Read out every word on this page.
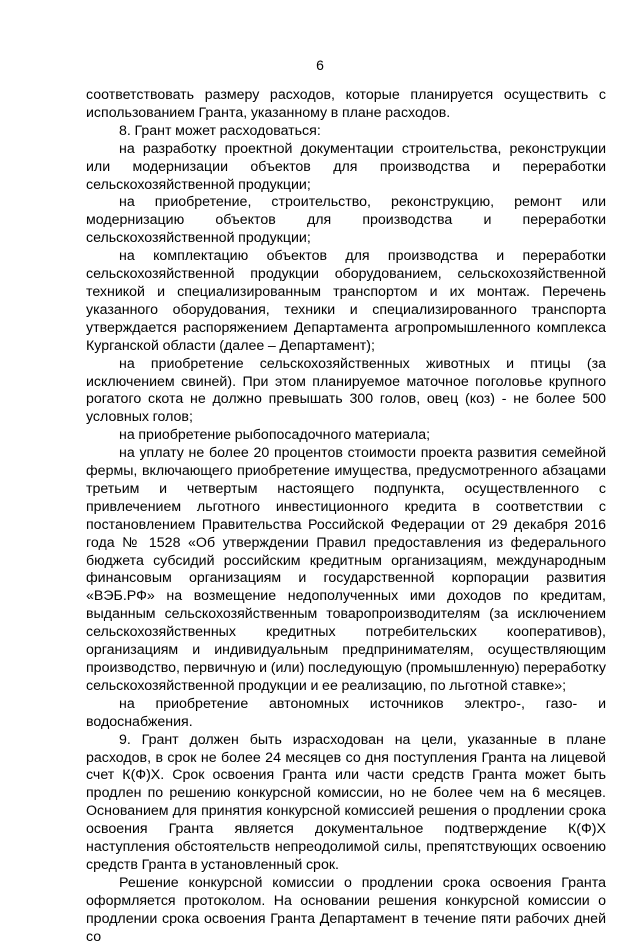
6

соответствовать размеру расходов, которые планируется осуществить с использованием Гранта, указанному в плане расходов.

8. Грант может расходоваться:

на разработку проектной документации строительства, реконструкции или модернизации объектов для производства и переработки сельскохозяйственной продукции;

на приобретение, строительство, реконструкцию, ремонт или модернизацию объектов для производства и переработки сельскохозяйственной продукции;

на комплектацию объектов для производства и переработки сельскохозяйственной продукции оборудованием, сельскохозяйственной техникой и специализированным транспортом и их монтаж. Перечень указанного оборудования, техники и специализированного транспорта утверждается распоряжением Департамента агропромышленного комплекса Курганской области (далее – Департамент);

на приобретение сельскохозяйственных животных и птицы (за исключением свиней). При этом планируемое маточное поголовье крупного рогатого скота не должно превышать 300 голов, овец (коз) - не более 500 условных голов;

на приобретение рыбопосадочного материала;

на уплату не более 20 процентов стоимости проекта развития семейной фермы, включающего приобретение имущества, предусмотренного абзацами третьим и четвертым настоящего подпункта, осуществленного с привлечением льготного инвестиционного кредита в соответствии с постановлением Правительства Российской Федерации от 29 декабря 2016 года № 1528 «Об утверждении Правил предоставления из федерального бюджета субсидий российским кредитным организациям, международным финансовым организациям и государственной корпорации развития «ВЭБ.РФ» на возмещение недополученных ими доходов по кредитам, выданным сельскохозяйственным товаропроизводителям (за исключением сельскохозяйственных кредитных потребительских кооперативов), организациям и индивидуальным предпринимателям, осуществляющим производство, первичную и (или) последующую (промышленную) переработку сельскохозяйственной продукции и ее реализацию, по льготной ставке»;

на приобретение автономных источников электро-, газо- и водоснабжения.

9. Грант должен быть израсходован на цели, указанные в плане расходов, в срок не более 24 месяцев со дня поступления Гранта на лицевой счет К(Ф)Х. Срок освоения Гранта или части средств Гранта может быть продлен по решению конкурсной комиссии, но не более чем на 6 месяцев. Основанием для принятия конкурсной комиссией решения о продлении срока освоения Гранта является документальное подтверждение К(Ф)Х наступления обстоятельств непреодолимой силы, препятствующих освоению средств Гранта в установленный срок.

Решение конкурсной комиссии о продлении срока освоения Гранта оформляется протоколом. На основании решения конкурсной комиссии о продлении срока освоения Гранта Департамент в течение пяти рабочих дней со
